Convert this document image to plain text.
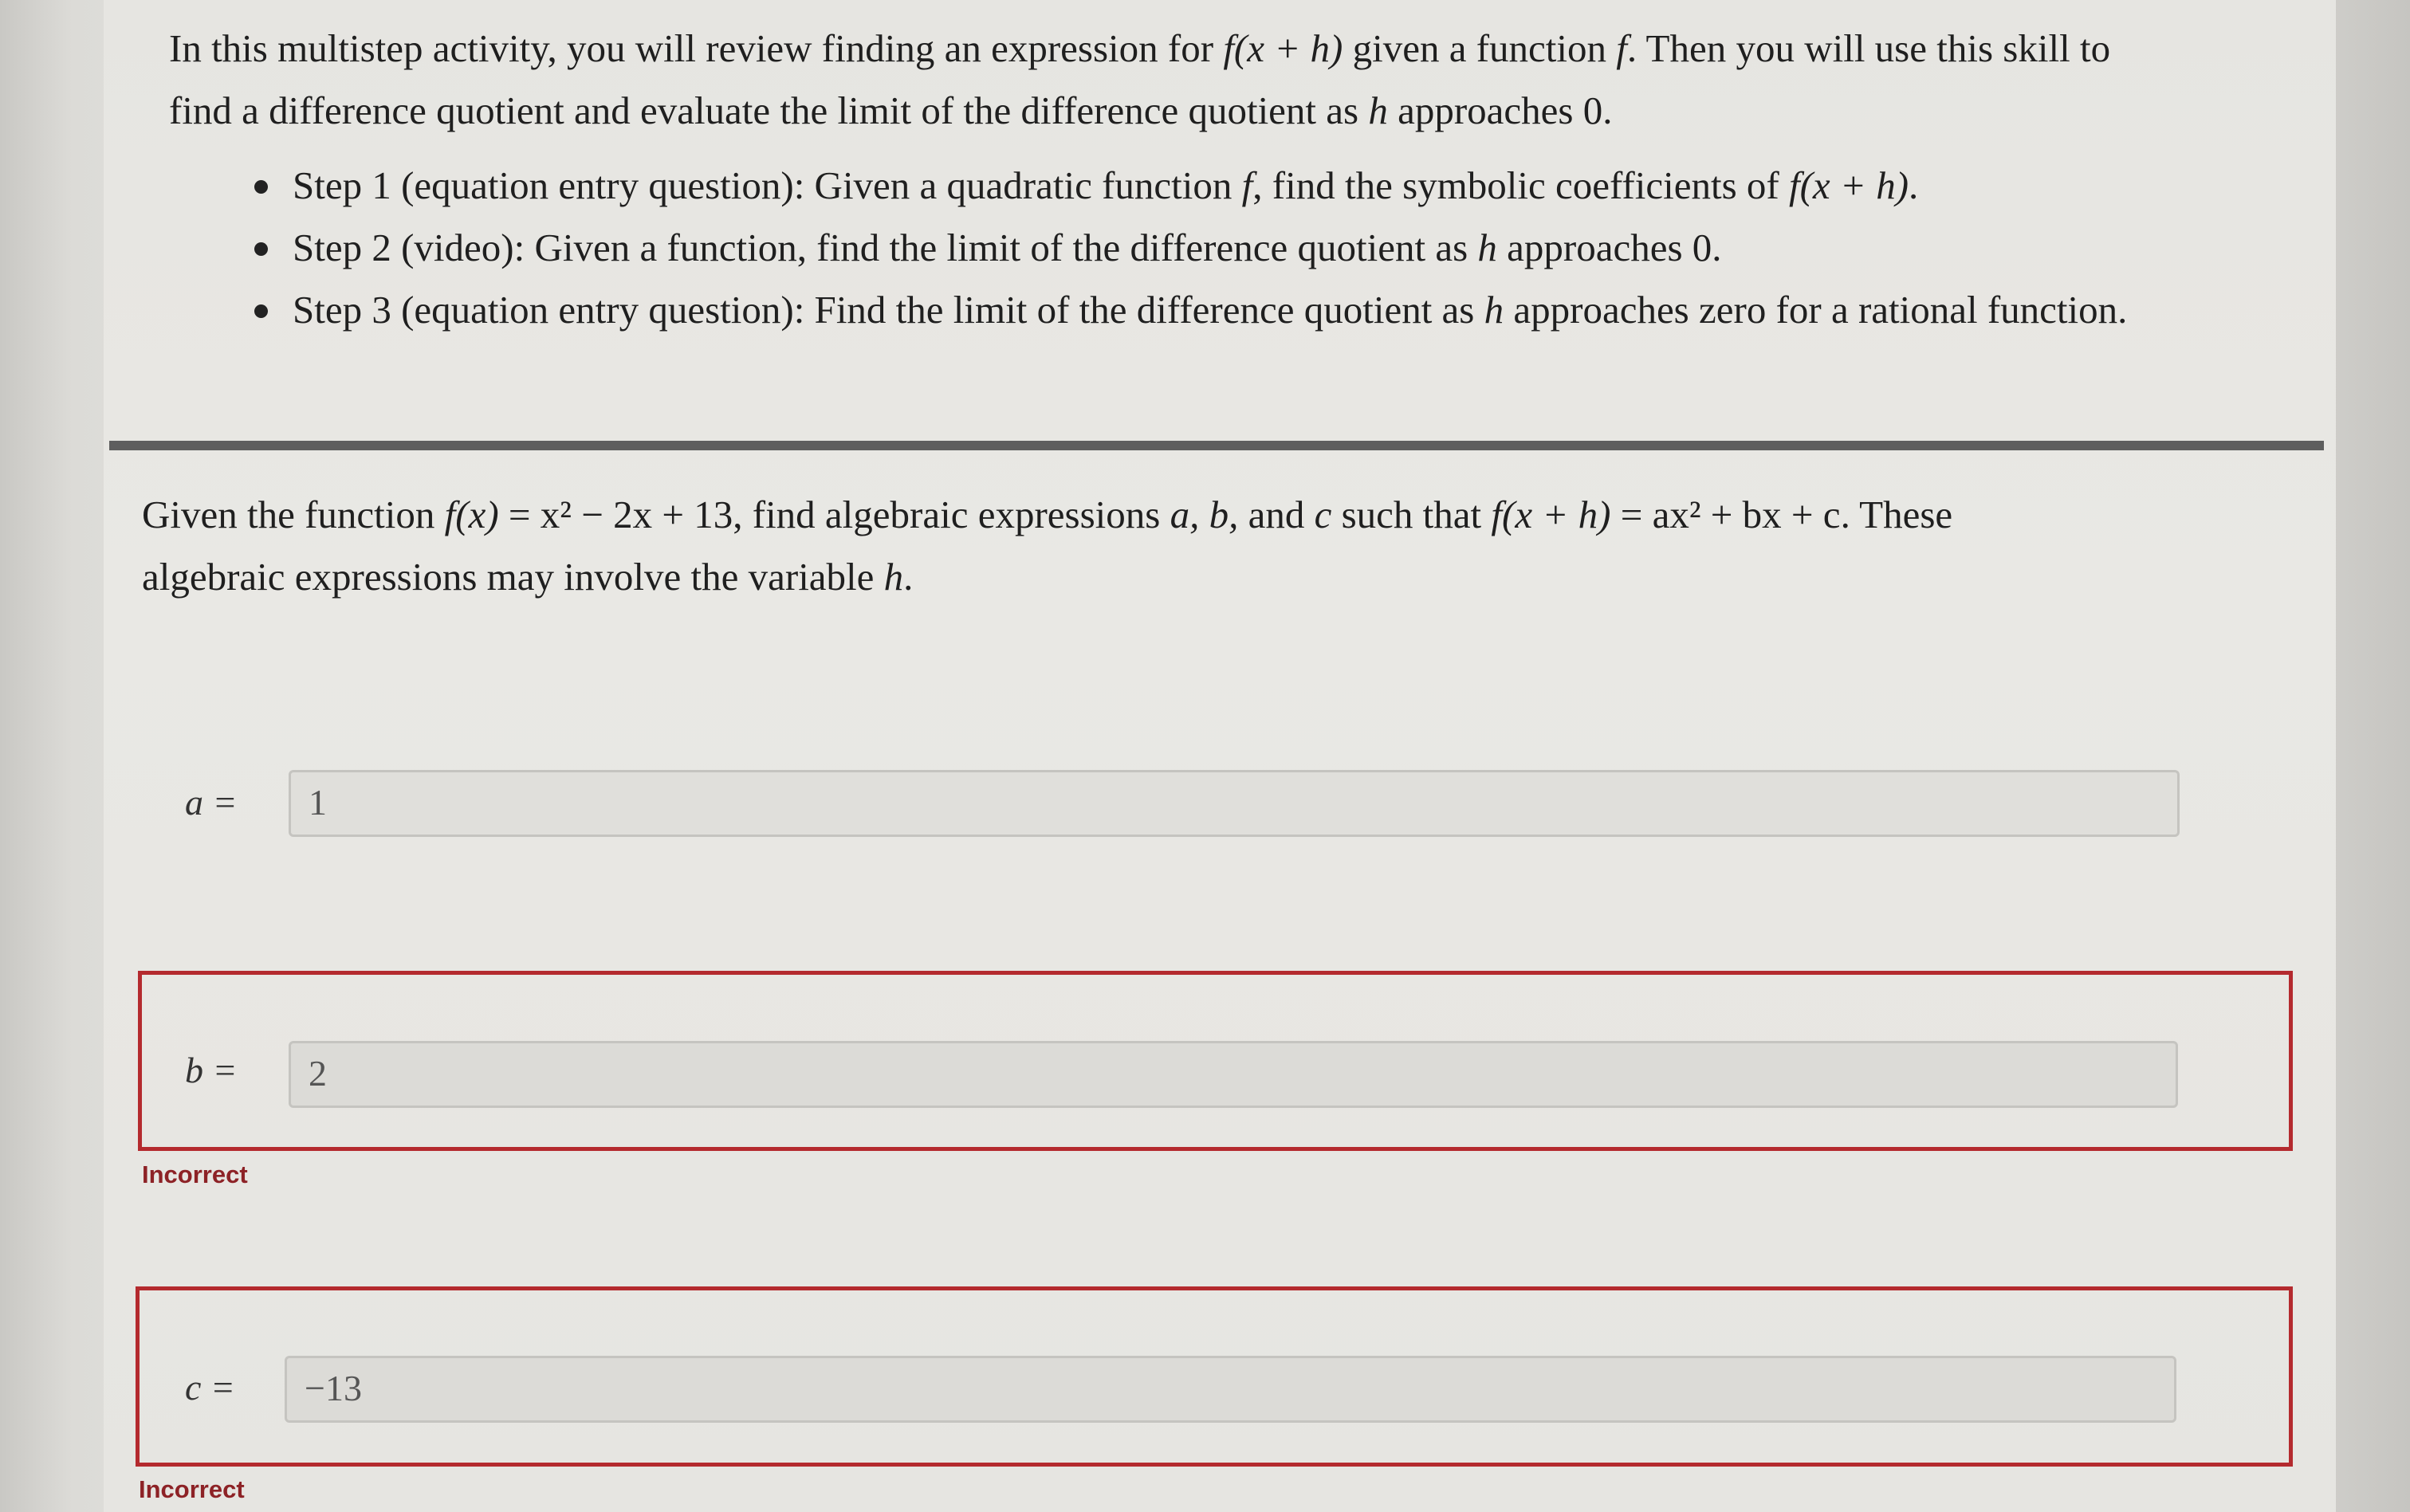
In this multistep activity, you will review finding an expression for f(x + h) given a function f. Then you will use this skill to
find a difference quotient and evaluate the limit of the difference quotient as h approaches 0.

Step 1 (equation entry question): Given a quadratic function f, find the symbolic coefficients of f(x + h).
Step 2 (video): Given a function, find the limit of the difference quotient as h approaches 0.
Step 3 (equation entry question): Find the limit of the difference quotient as h approaches zero for a rational function.

Given the function f(x) = x² − 2x + 13, find algebraic expressions a, b, and c such that f(x + h) = ax² + bx + c. These
algebraic expressions may involve the variable h.

a =	1
b =	2
Incorrect
c =	−13
Incorrect
